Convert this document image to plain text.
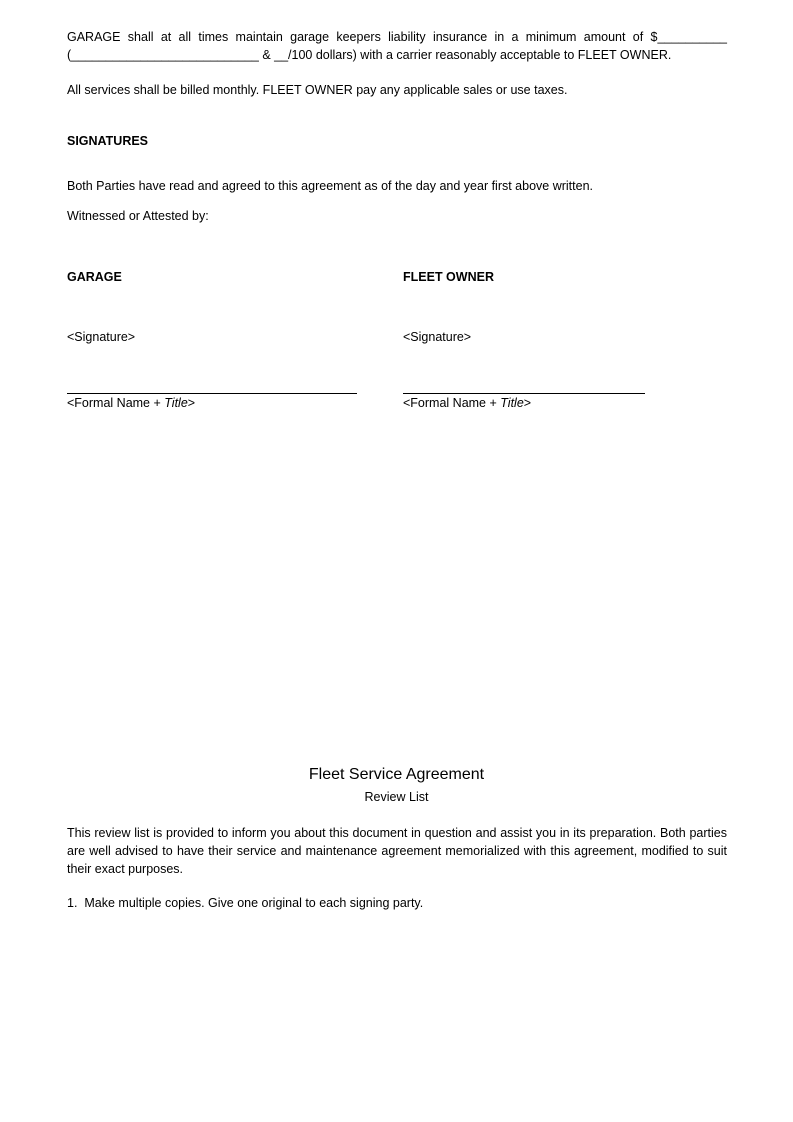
GARAGE shall at all times maintain garage keepers liability insurance in a minimum amount of $__________
(___________________________ & __/100 dollars) with a carrier reasonably acceptable to FLEET OWNER.
All services shall be billed monthly. FLEET OWNER pay any applicable sales or use taxes.
SIGNATURES
Both Parties have read and agreed to this agreement as of the day and year first above written.
Witnessed or Attested by:
GARAGE
<Signature>
<Formal Name + Title>
FLEET OWNER
<Signature>
<Formal Name + Title>
Fleet Service Agreement
Review List
This review list is provided to inform you about this document in question and assist you in its preparation. Both parties are well advised to have their service and maintenance agreement memorialized with this agreement, modified to suit their exact purposes.
1. Make multiple copies. Give one original to each signing party.
